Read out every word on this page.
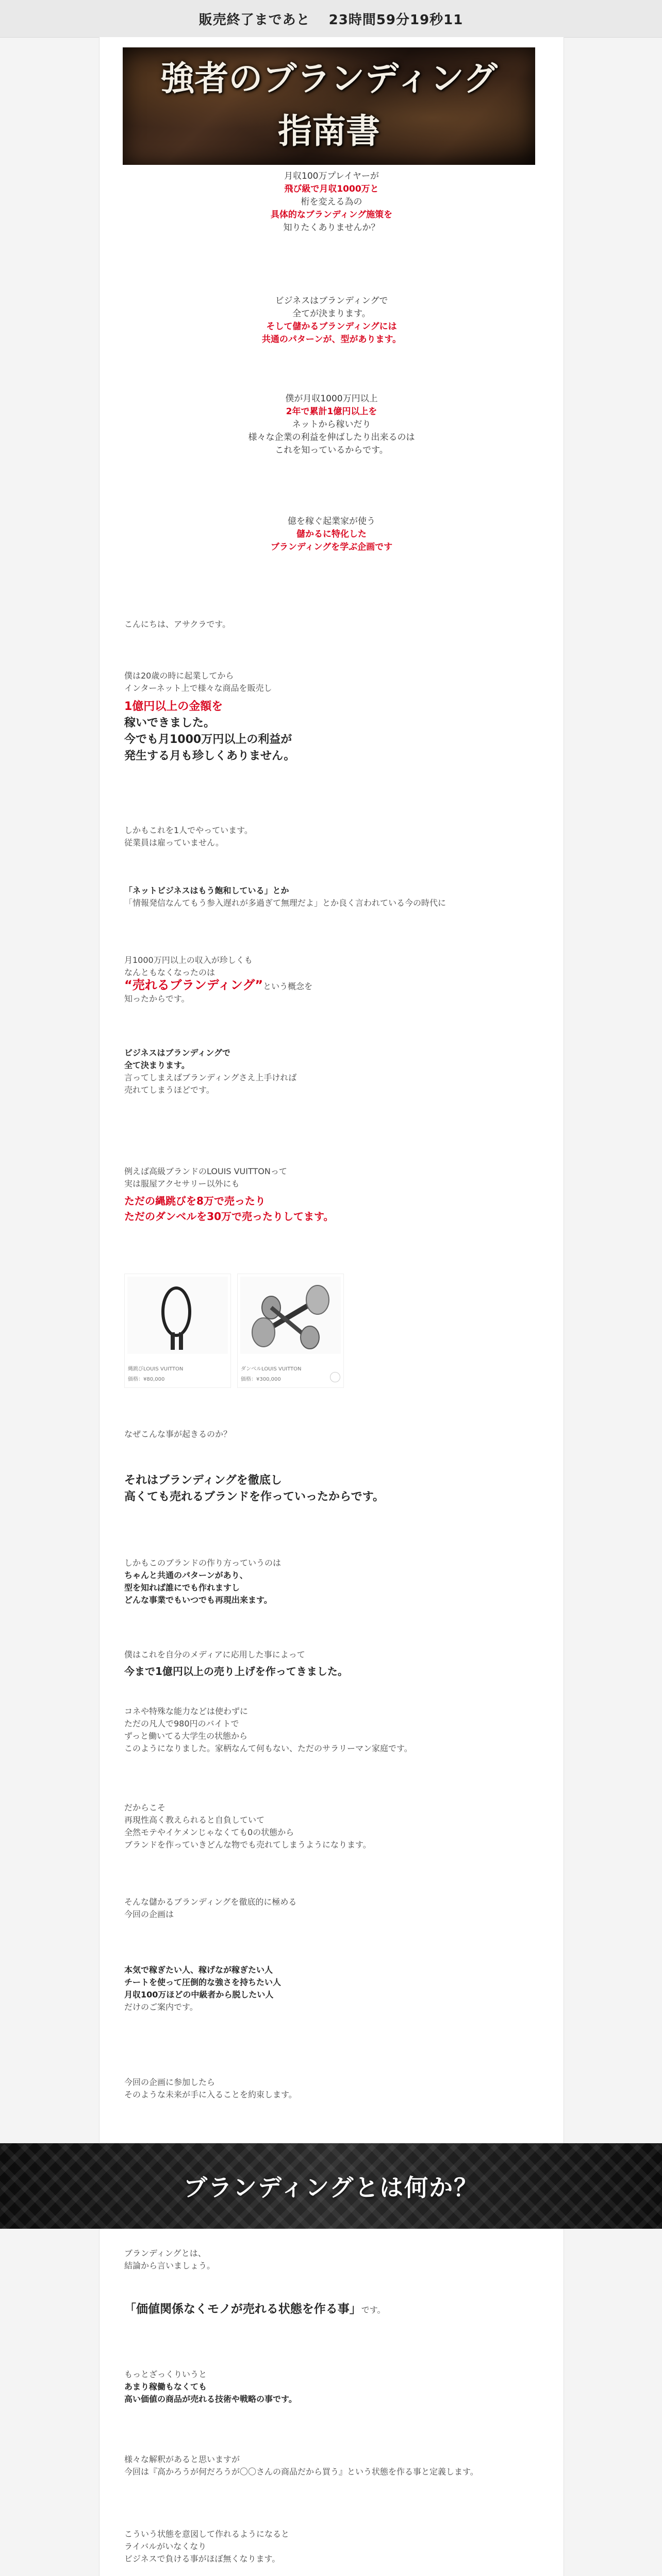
販売終了まであと 23時間59分19秒11
強者のブランディング
指南書
月収100万プレイヤーが
飛び級で月収1000万と
桁を変える為の
具体的なブランディング施策を
知りたくありませんか？
ビジネスはブランディングで
全てが決まります。
そして儲かるブランディングには
共通のパターンが、型があります。
僕が月収1000万円以上
2年で累計1億円以上を
ネットから稼いだり
様々な企業の利益を伸ばしたり出来るのは
これを知っているからです。
億を稼ぐ起業家が使う
儲かるに特化した
ブランディングを学ぶ企画です
こんにちは、アサクラです。
僕は20歳の時に起業してから
インターネット上で様々な商品を販売し
1億円以上の金額を
稼いできました。
今でも月1000万円以上の利益が
発生する月も珍しくありません。
しかもこれを1人でやっています。
従業員は雇っていません。
「ネットビジネスはもう飽和している」とか
「情報発信なんてもう参入遅れが多過ぎて無理だよ」とか良く言われている今の時代に
月1000万円以上の収入が珍しくも
なんともなくなったのは
“売れるブランディング”という概念を
知ったからです。
ビジネスはブランディングで
全て決まります。
言ってしまえばブランディングさえ上手ければ
売れてしまうほどです。
例えば高級ブランドのLOUIS VUITTONって
実は服屋アクセサリー以外にも
ただの縄跳びを8万で売ったり
ただのダンベルを30万で売ったりしてます。
縄跳びLOUIS VUITTON
価格：¥80,000
ダンベルLOUIS VUITTON
価格：¥300,000
なぜこんな事が起きるのか？
それはブランディングを徹底し
高くても売れるブランドを作っていったからです。
しかもこのブランドの作り方っていうのは
ちゃんと共通のパターンがあり、
型を知れば誰にでも作れますし
どんな事業でもいつでも再現出来ます。
僕はこれを自分のメディアに応用した事によって
今まで1億円以上の売り上げを作ってきました。
コネや特殊な能力などは使わずに
ただの凡人で980円のバイトで
ずっと働いてる大学生の状態から
このようになりました。家柄なんて何もない、ただのサラリーマン家庭です。
だからこそ
再現性高く教えられると自負していて
全然モテやイケメンじゃなくても0の状態から
ブランドを作っていきどんな物でも売れてしまうようになります。
そんな儲かるブランディングを徹底的に極める
今回の企画は
本気で稼ぎたい人、稼げなが稼ぎたい人
チートを使って圧倒的な強さを持ちたい人
月収100万ほどの中級者から脱したい人
だけのご案内です。
今回の企画に参加したら
そのような未来が手に入ることを約束します。
ブランディングとは、
結論から言いましょう。
「価値関係なくモノが売れる状態を作る事」です。
もっとざっくりいうと
あまり稼働もなくても
高い価値の商品が売れる技術や戦略の事です。
様々な解釈があると思いますが
今回は『高かろうが何だろうが〇〇さんの商品だから買う』という状態を作る事と定義します。
こういう状態を意図して作れるようになると
ライバルがいなくなり
ビジネスで負ける事がほぼ無くなります。
ブランディングとは何か？
